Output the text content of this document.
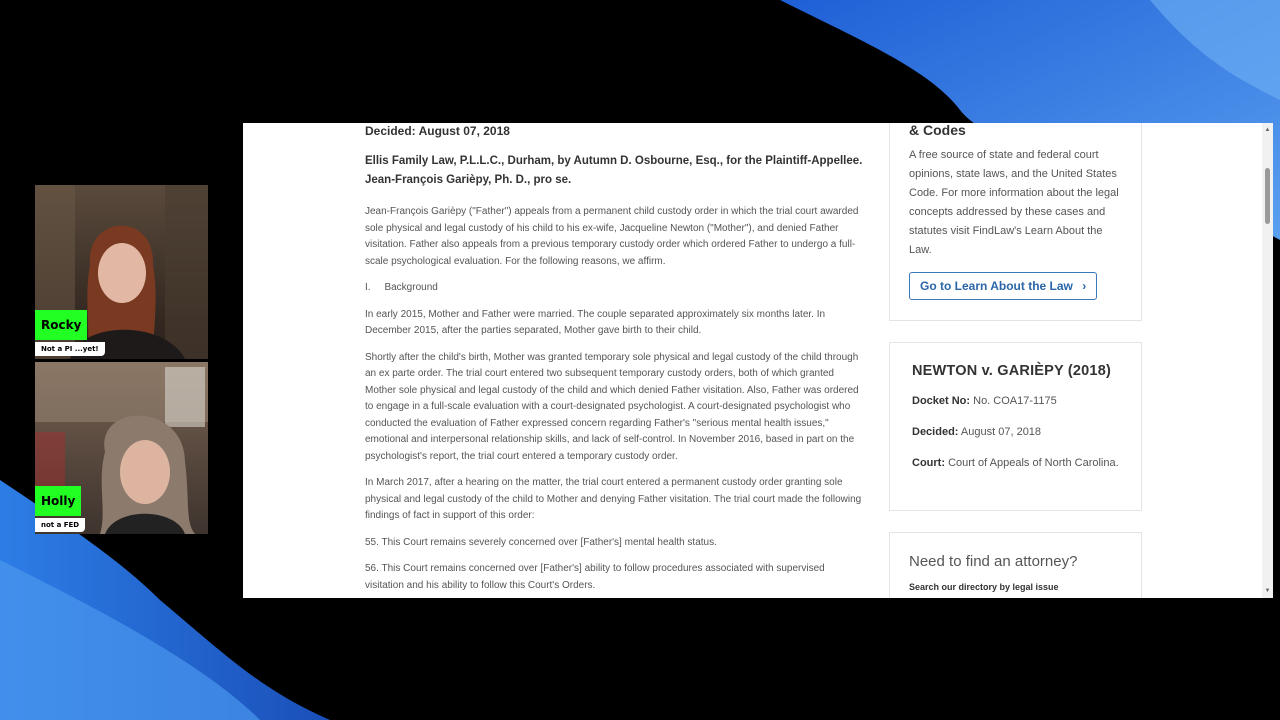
Rocky
Not a PI ...yet!
Holly
not a FED
Decided: August 07, 2018
Ellis Family Law, P.L.L.C., Durham, by Autumn D. Osbourne, Esq., for the Plaintiff-Appellee. Jean-François Garièpy, Ph. D., pro se.
Jean-François Garièpy ("Father") appeals from a permanent child custody order in which the trial court awarded sole physical and legal custody of his child to his ex-wife, Jacqueline Newton ("Mother"), and denied Father visitation. Father also appeals from a previous temporary custody order which ordered Father to undergo a full-scale psychological evaluation. For the following reasons, we affirm.
I.     Background
In early 2015, Mother and Father were married. The couple separated approximately six months later. In December 2015, after the parties separated, Mother gave birth to their child.
Shortly after the child's birth, Mother was granted temporary sole physical and legal custody of the child through an ex parte order. The trial court entered two subsequent temporary custody orders, both of which granted Mother sole physical and legal custody of the child and which denied Father visitation. Also, Father was ordered to engage in a full-scale evaluation with a court-designated psychologist. A court-designated psychologist who conducted the evaluation of Father expressed concern regarding Father's "serious mental health issues," emotional and interpersonal relationship skills, and lack of self-control. In November 2016, based in part on the psychologist's report, the trial court entered a temporary custody order.
In March 2017, after a hearing on the matter, the trial court entered a permanent custody order granting sole physical and legal custody of the child to Mother and denying Father visitation. The trial court made the following findings of fact in support of this order:
55. This Court remains severely concerned over [Father's] mental health status.
56. This Court remains concerned over [Father's] ability to follow procedures associated with supervised visitation and his ability to follow this Court's Orders.
& Codes
A free source of state and federal court opinions, state laws, and the United States Code. For more information about the legal concepts addressed by these cases and statutes visit FindLaw's Learn About the Law.
Go to Learn About the Law ›
NEWTON v. GARIÈPY (2018)
Docket No: No. COA17-1175
Decided: August 07, 2018
Court: Court of Appeals of North Carolina.
Need to find an attorney?
Search our directory by legal issue
▲
▼
